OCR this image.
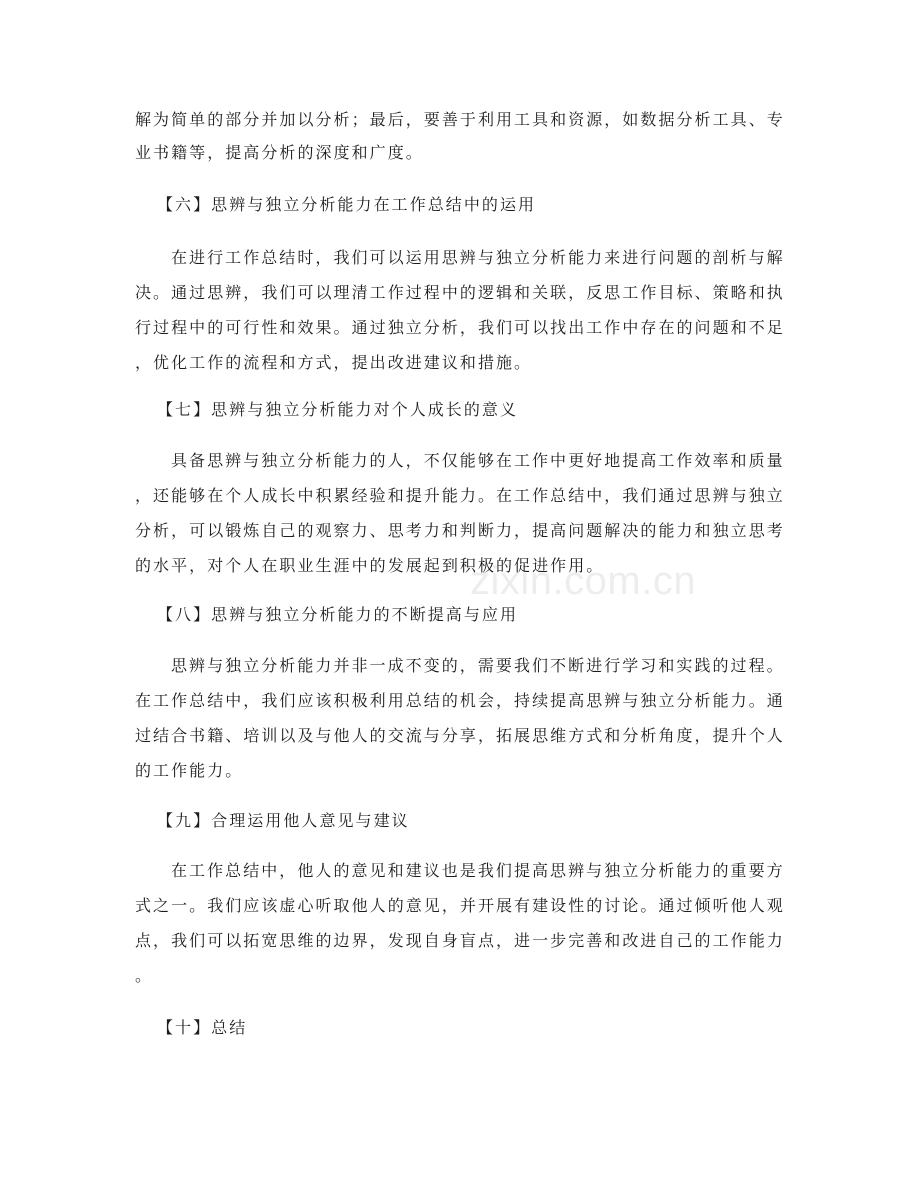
解为简单的部分并加以分析；最后，要善于利用工具和资源，如数据分析工具、专
业书籍等，提高分析的深度和广度。
【六】思辨与独立分析能力在工作总结中的运用
在进行工作总结时，我们可以运用思辨与独立分析能力来进行问题的剖析与解
决。通过思辨，我们可以理清工作过程中的逻辑和关联，反思工作目标、策略和执
行过程中的可行性和效果。通过独立分析，我们可以找出工作中存在的问题和不足
，优化工作的流程和方式，提出改进建议和措施。
【七】思辨与独立分析能力对个人成长的意义
具备思辨与独立分析能力的人，不仅能够在工作中更好地提高工作效率和质量
，还能够在个人成长中积累经验和提升能力。在工作总结中，我们通过思辨与独立
分析，可以锻炼自己的观察力、思考力和判断力，提高问题解决的能力和独立思考
的水平，对个人在职业生涯中的发展起到积极的促进作用。
【八】思辨与独立分析能力的不断提高与应用
思辨与独立分析能力并非一成不变的，需要我们不断进行学习和实践的过程。
在工作总结中，我们应该积极利用总结的机会，持续提高思辨与独立分析能力。通
过结合书籍、培训以及与他人的交流与分享，拓展思维方式和分析角度，提升个人
的工作能力。
【九】合理运用他人意见与建议
在工作总结中，他人的意见和建议也是我们提高思辨与独立分析能力的重要方
式之一。我们应该虚心听取他人的意见，并开展有建设性的讨论。通过倾听他人观
点，我们可以拓宽思维的边界，发现自身盲点，进一步完善和改进自己的工作能力
。
【十】总结
zixin.com.cn
